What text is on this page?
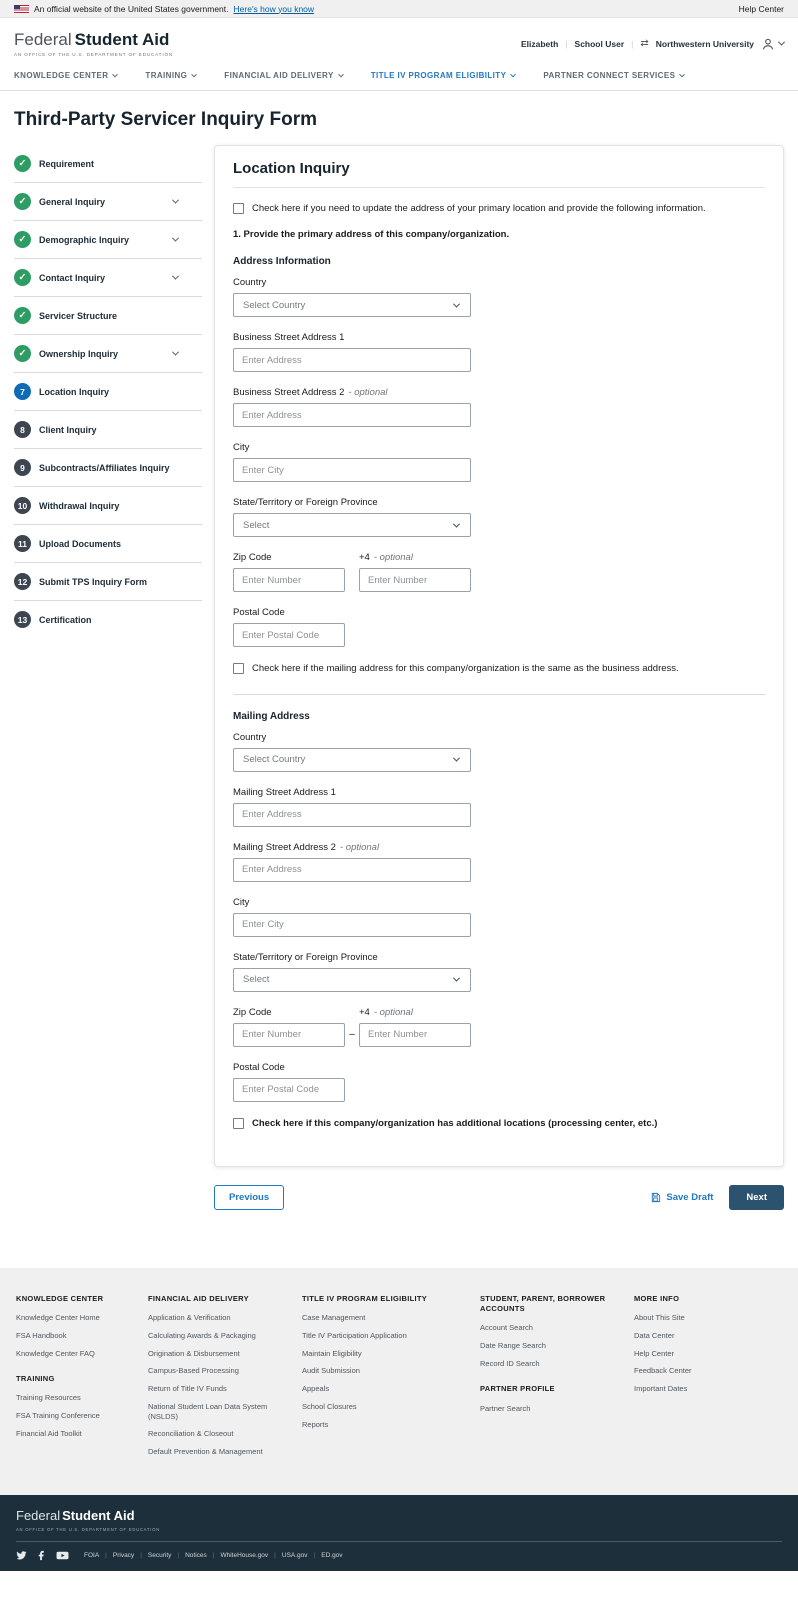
An official website of the United States government. Here's how you know	Help Center
Federal Student Aid
AN OFFICE OF THE U.S. DEPARTMENT OF EDUCATION
Elizabeth | School User | ⇄ Northwestern University
KNOWLEDGE CENTER	TRAINING	FINANCIAL AID DELIVERY	TITLE IV PROGRAM ELIGIBILITY	PARTNER CONNECT SERVICES
Third-Party Servicer Inquiry Form
✓	Requirement
✓	General Inquiry
✓	Demographic Inquiry
✓	Contact Inquiry
✓	Servicer Structure
✓	Ownership Inquiry
7	Location Inquiry
8	Client Inquiry
9	Subcontracts/Affiliates Inquiry
10	Withdrawal Inquiry
11	Upload Documents
12	Submit TPS Inquiry Form
13	Certification
Location Inquiry
Check here if you need to update the address of your primary location and provide the following information.
1. Provide the primary address of this company/organization.
Address Information
Country
Select Country
Business Street Address 1
Enter Address
Business Street Address 2 - optional
Enter Address
City
Enter City
State/Territory or Foreign Province
Select
Zip Code
Enter Number	+4 - optional
Enter Number
Postal Code
Enter Postal Code
Check here if the mailing address for this company/organization is the same as the business address.
Mailing Address
Country
Select Country
Mailing Street Address 1
Enter Address
Mailing Street Address 2 - optional
Enter Address
City
Enter City
State/Territory or Foreign Province
Select
Zip Code
Enter Number
–
+4 - optional
Enter Number
Postal Code
Enter Postal Code
Check here if this company/organization has additional locations (processing center, etc.)
Previous	Save Draft	Next
KNOWLEDGE CENTER
Knowledge Center Home
FSA Handbook
Knowledge Center FAQ
TRAINING
Training Resources
FSA Training Conference
Financial Aid Toolkit
FINANCIAL AID DELIVERY
Application & Verification
Calculating Awards & Packaging
Origination & Disbursement
Campus-Based Processing
Return of Title IV Funds
National Student Loan Data System (NSLDS)
Reconciliation & Closeout
Default Prevention & Management
TITLE IV PROGRAM ELIGIBILITY
Case Management
Title IV Participation Application
Maintain Eligibility
Audit Submission
Appeals
School Closures
Reports
STUDENT, PARENT, BORROWER ACCOUNTS
Account Search
Date Range Search
Record ID Search
PARTNER PROFILE
Partner Search
MORE INFO
About This Site
Data Center
Help Center
Feedback Center
Important Dates
Federal Student Aid
AN OFFICE OF THE U.S. DEPARTMENT OF EDUCATION
FOIA | Privacy | Security | Notices | WhiteHouse.gov | USA.gov | ED.gov
